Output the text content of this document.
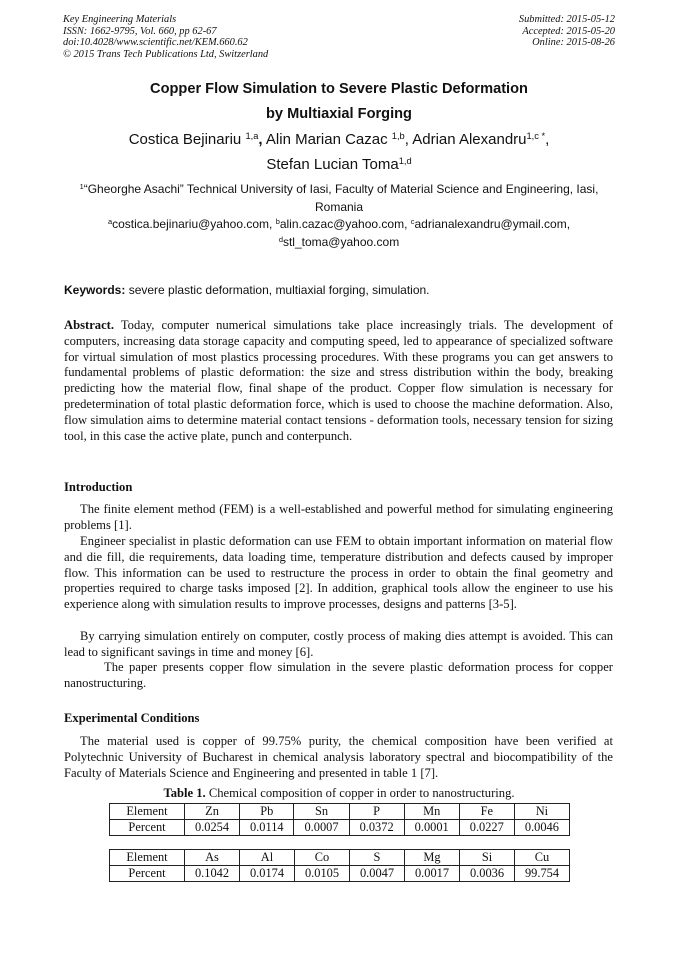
Key Engineering Materials
ISSN: 1662-9795, Vol. 660, pp 62-67
doi:10.4028/www.scientific.net/KEM.660.62
© 2015 Trans Tech Publications Ltd, Switzerland
Submitted: 2015-05-12
Accepted: 2015-05-20
Online: 2015-08-26
Copper Flow Simulation to Severe Plastic Deformation
by Multiaxial Forging
Costica Bejinariu $^{1,a}$, Alin Marian Cazac $^{1,b}$, Adrian Alexandru$^{1,c *}$,
Stefan Lucian Toma$^{1,d}$
$^1$“Gheorghe Asachi” Technical University of Iasi, Faculty of Material Science and Engineering, Iasi, Romania
$^a$costica.bejinariu@yahoo.com, $^b$alin.cazac@yahoo.com, $^c$adrianalexandru@ymail.com,
$^d$stl_toma@yahoo.com
Keywords: severe plastic deformation, multiaxial forging, simulation.

Abstract. Today, computer numerical simulations take place increasingly trials. The development of computers, increasing data storage capacity and computing speed, led to appearance of specialized software for virtual simulation of most plastics processing procedures. With these programs you can get answers to fundamental problems of plastic deformation: the size and stress distribution within the body, breaking predicting how the material flow, final shape of the product. Copper flow simulation is necessary for predetermination of total plastic deformation force, which is used to choose the machine deformation. Also, flow simulation aims to determine material contact tensions - deformation tools, necessary tension for sizing tool, in this case the active plate, punch and conterpunch.

Introduction

The finite element method (FEM) is a well-established and powerful method for simulating engineering problems [1].

Engineer specialist in plastic deformation can use FEM to obtain important information on material flow and die fill, die requirements, data loading time, temperature distribution and defects caused by improper flow. This information can be used to restructure the process in order to obtain the final geometry and properties required to charge tasks imposed [2]. In addition, graphical tools allow the engineer to use his experience along with simulation results to improve processes, designs and patterns [3-5].

By carrying simulation entirely on computer, costly process of making dies attempt is avoided. This can lead to significant savings in time and money [6].

The paper presents copper flow simulation in the severe plastic deformation process for copper nanostructuring.

Experimental Conditions

The material used is copper of 99.75% purity, the chemical composition have been verified at Polytechnic University of Bucharest in chemical analysis laboratory spectral and biocompatibility of the Faculty of Materials Science and Engineering and presented in table 1 [7].

Table 1. Chemical composition of copper in order to nanostructuring.
Element	Zn	Pb	Sn	P	Mn	Fe	Ni
Percent	0.0254	0.0114	0.0007	0.0372	0.0001	0.0227	0.0046
Element	As	Al	Co	S	Mg	Si	Cu
Percent	0.1042	0.0174	0.0105	0.0047	0.0017	0.0036	99.754
